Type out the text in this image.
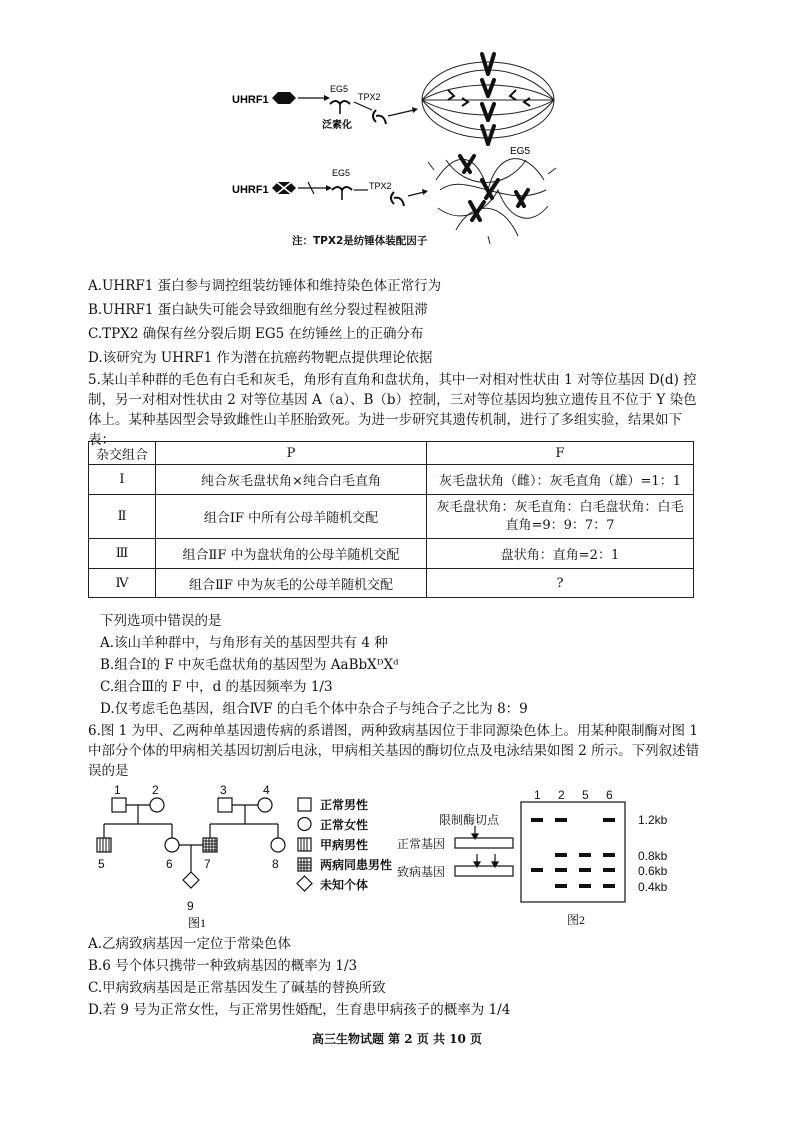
UHRF1
EG5
泛素化
TPX2
UHRF1
EG5
TPX2
EG5
注：TPX2是纺锤体装配因子
A.UHRF1 蛋白参与调控组装纺锤体和维持染色体正常行为
B.UHRF1 蛋白缺失可能会导致细胞有丝分裂过程被阻滞
C.TPX2 确保有丝分裂后期 EG5 在纺锤丝上的正确分布
D.该研究为 UHRF1 作为潜在抗癌药物靶点提供理论依据
5.某山羊种群的毛色有白毛和灰毛，角形有直角和盘状角，其中一对相对性状由 1 对等位基因 D(d) 控制，另一对相对性状由 2 对等位基因 A（a）、B（b）控制，三对等位基因均独立遗传且不位于 Y 染色体上。某种基因型会导致雌性山羊胚胎致死。为进一步研究其遗传机制，进行了多组实验，结果如下表：
杂交组合	P	F
Ⅰ	纯合灰毛盘状角×纯合白毛直角	灰毛盘状角（雌）：灰毛直角（雄）=1：1
Ⅱ	组合ⅠF 中所有公母羊随机交配	灰毛盘状角：灰毛直角：白毛盘状角：白毛直角=9：9：7：7
Ⅲ	组合ⅡF 中为盘状角的公母羊随机交配	盘状角：直角=2：1
Ⅳ	组合ⅡF 中为灰毛的公母羊随机交配	?
下列选项中错误的是
A.该山羊种群中，与角形有关的基因型共有 4 种
B.组合Ⅰ的 F 中灰毛盘状角的基因型为 AaBbXᴰXᵈ
C.组合Ⅲ的 F 中，d 的基因频率为 1/3
D.仅考虑毛色基因，组合ⅣF 的白毛个体中杂合子与纯合子之比为 8：9
6.图 1 为甲、乙两种单基因遗传病的系谱图，两种致病基因位于非同源染色体上。用某种限制酶对图 1 中部分个体的甲病相关基因切割后电泳，甲病相关基因的酶切位点及电泳结果如图 2 所示。下列叙述错误的是
1	2	3	4
5	6	7	8
9
图1
正常男性
正常女性
甲病男性
两病同患男性
未知个体
限制酶切点
正常基因
致病基因
1 2 5 6
1.2kb
0.8kb
0.6kb
0.4kb
图2
A.乙病致病基因一定位于常染色体
B.6 号个体只携带一种致病基因的概率为 1/3
C.甲病致病基因是正常基因发生了碱基的替换所致
D.若 9 号为正常女性，与正常男性婚配，生育患甲病孩子的概率为 1/4
高三生物试题 第 2 页 共 10 页
